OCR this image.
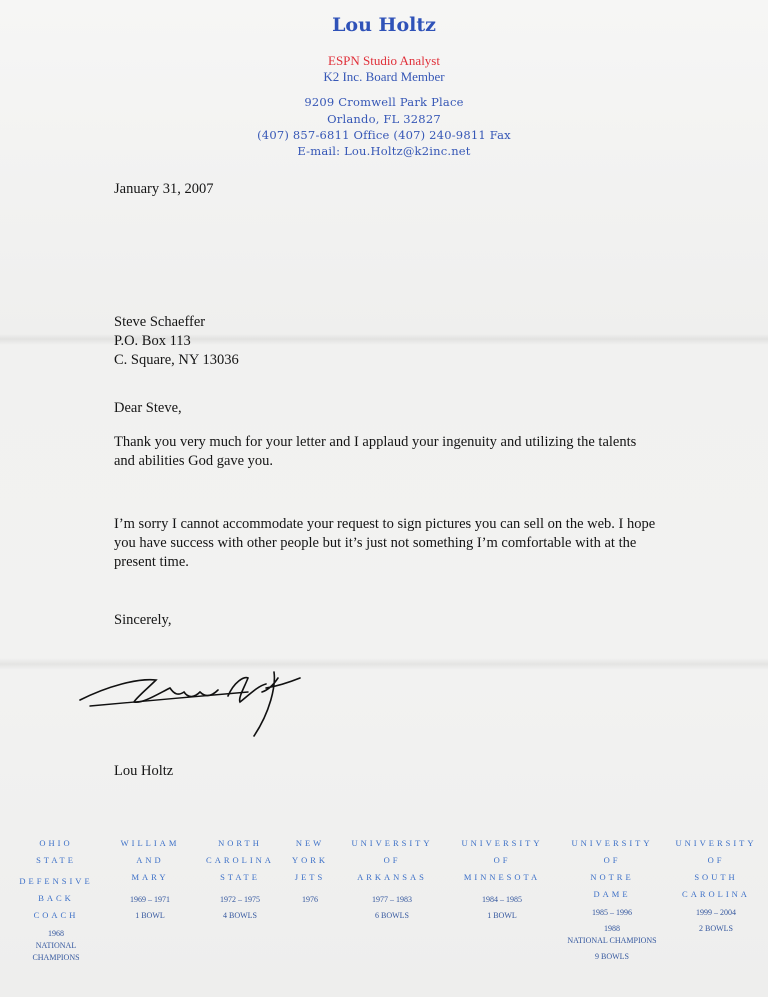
Lou Holtz
ESPN Studio Analyst
K2 Inc. Board Member
9209 Cromwell Park Place
Orlando, FL 32827
(407) 857-6811 Office (407) 240-9811 Fax
E-mail: Lou.Holtz@k2inc.net
January 31, 2007
Steve Schaeffer
P.O. Box 113
C. Square, NY 13036
Dear Steve,
Thank you very much for your letter and I applaud your ingenuity and utilizing the talents and abilities God gave you.
I’m sorry I cannot accommodate your request to sign pictures you can sell on the web. I hope you have success with other people but it’s just not something I’m comfortable with at the present time.
Sincerely,
Lou Holtz
OHIO
STATE
DEFENSIVE
BACK
COACH
1968
NATIONAL
CHAMPIONS
WILLIAM
AND
MARY
1969 – 1971
1 BOWL
NORTH
CAROLINA
STATE
1972 – 1975
4 BOWLS
NEW
YORK
JETS
1976
UNIVERSITY
OF
ARKANSAS
1977 – 1983
6 BOWLS
UNIVERSITY
OF
MINNESOTA
1984 – 1985
1 BOWL
UNIVERSITY
OF
NOTRE
DAME
1985 – 1996
1988
NATIONAL CHAMPIONS
9 BOWLS
UNIVERSITY
OF
SOUTH
CAROLINA
1999 – 2004
2 BOWLS
